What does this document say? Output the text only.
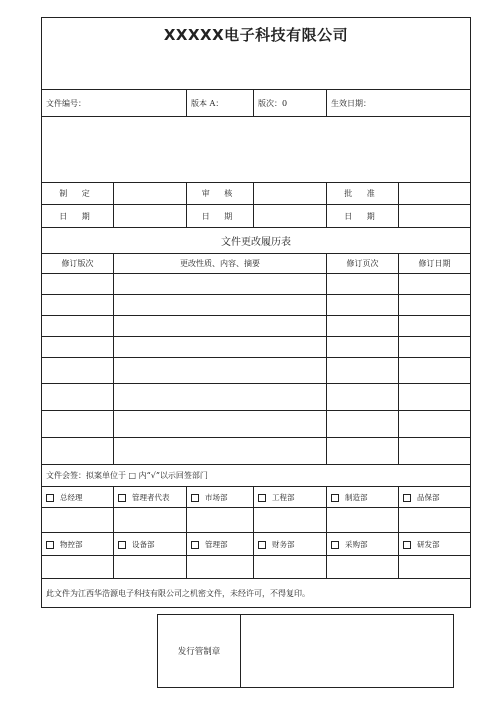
XXXXX电子科技有限公司					
文件编号：		版本 A：	版次：0	生效日期：	

制 定		审 核		批 准	
日 期		日 期		日 期	
文件更改履历表					
修订版次	更改性质、内容、摘要			修订页次	修订日期

文件会签：拟案单位于 □ 内“√”以示回签部门					
总经理	管理者代表	市场部	工程部	制造部	品保部

物控部	设备部	管理部	财务部	采购部	研发部

此文件为江西华浩源电子科技有限公司之机密文件，未经许可，不得复印。					
发行管制章	
